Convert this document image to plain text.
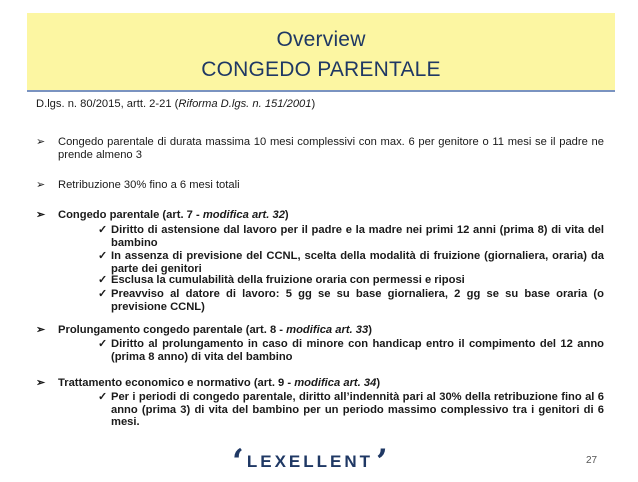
Overview
CONGEDO PARENTALE
D.lgs. n. 80/2015, artt. 2-21 (Riforma D.lgs. n. 151/2001)
➢ Congedo parentale di durata massima 10 mesi complessivi con max. 6 per genitore o 11 mesi se il padre ne prende almeno 3
➢ Retribuzione 30% fino a 6 mesi totali
➢ Congedo parentale (art. 7 - modifica art. 32)
✓ Diritto di astensione dal lavoro per il padre e la madre nei primi 12 anni (prima 8) di vita del bambino
✓ In assenza di previsione del CCNL, scelta della modalità di fruizione (giornaliera, oraria) da parte dei genitori
✓ Esclusa la cumulabilità della fruizione oraria con permessi e riposi
✓ Preavviso al datore di lavoro: 5 gg se su base giornaliera, 2 gg se su base oraria (o previsione CCNL)
➢ Prolungamento congedo parentale (art. 8 - modifica art. 33)
✓ Diritto al prolungamento in caso di minore con handicap entro il compimento del 12 anno (prima 8 anno) di vita del bambino
➢ Trattamento economico e normativo (art. 9 - modifica art. 34)
✓ Per i periodi di congedo parentale, diritto all’indennità pari al 30% della retribuzione fino al 6 anno (prima 3) di vita del bambino per un periodo massimo complessivo tra i genitori di 6 mesi.
‘ LEXELLENT ’	27
